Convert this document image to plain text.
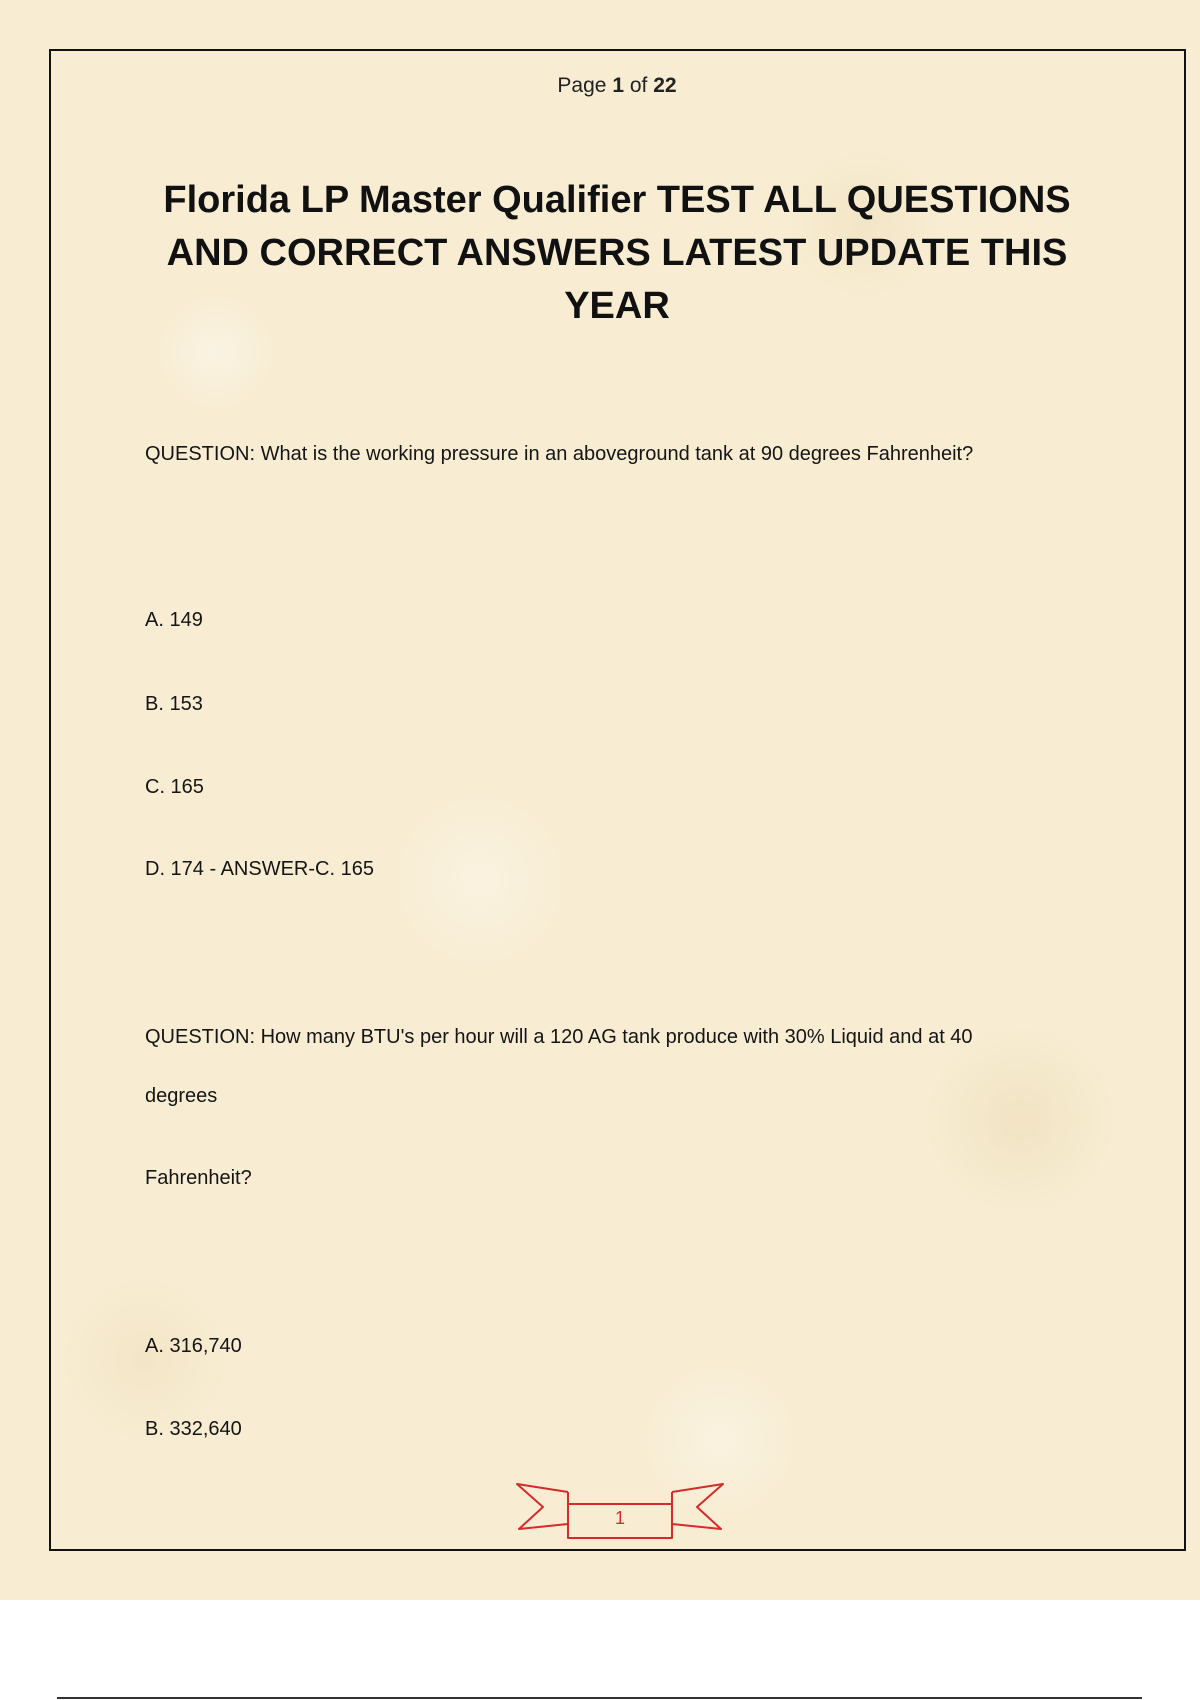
Page 1 of 22
Florida LP Master Qualifier TEST ALL QUESTIONS AND CORRECT ANSWERS LATEST UPDATE THIS YEAR
QUESTION: What is the working pressure in an aboveground tank at 90 degrees Fahrenheit?
A. 149
B. 153
C. 165
D. 174 - ANSWER-C. 165
QUESTION: How many BTU's per hour will a 120 AG tank produce with 30% Liquid and at 40
degrees
Fahrenheit?
A. 316,740
B. 332,640
1
